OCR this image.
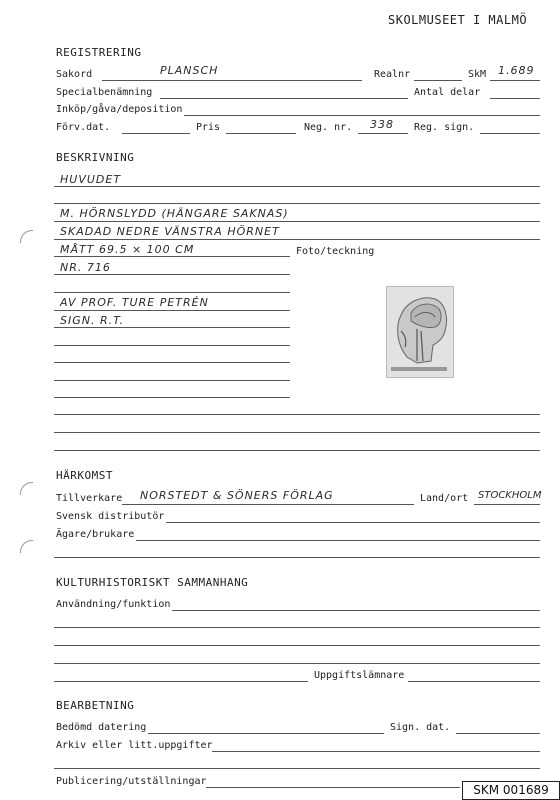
SKOLMUSEET I MALMÖ
REGISTRERING
Sakord	PLANSCH	Realnr	SkM 1.689
Specialbenämning	Antal delar
Inköp/gåva/deposition
Förv.dat.	Pris	Neg. nr. 338 Reg. sign.
BESKRIVNING
HUVUDET
M. HÖRNSLYDD (HÄNGARE SAKNAS)
SKADAD NEDRE VÄNSTRA HÖRNET
MÅTT 69.5 × 100 CM	Foto/teckning
NR. 716
AV PROF. TURE PETRÉN
SIGN. R.T.
HÄRKOMST
Tillverkare NORSTEDT & SÖNERS FÖRLAG	Land/ort STOCKHOLM
Svensk distributör
Ägare/brukare
KULTURHISTORISKT SAMMANHANG
Användning/funktion
Uppgiftslämnare
BEARBETNING
Bedömd datering	Sign. dat.
Arkiv eller litt.uppgifter
Publicering/utställningar
SKM 001689
